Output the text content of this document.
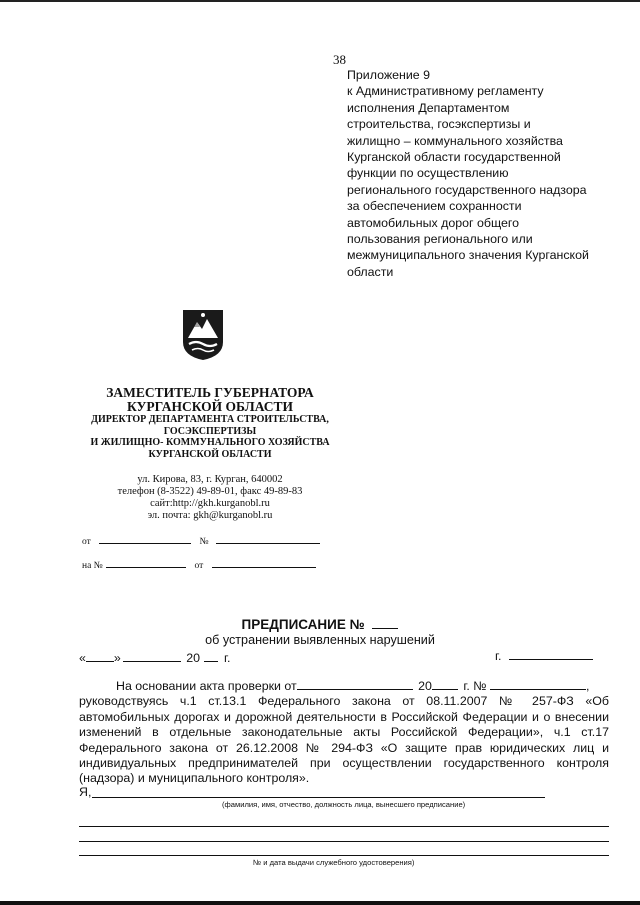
38
Приложение 9
к Административному регламенту
исполнения Департаментом
строительства, госэкспертизы и
жилищно – коммунального хозяйства
Курганской области государственной
функции по осуществлению
регионального государственного надзора
за обеспечением сохранности
автомобильных дорог общего
пользования регионального или
межмуниципального значения Курганской
области
ЗАМЕСТИТЕЛЬ ГУБЕРНАТОРА
КУРГАНСКОЙ ОБЛАСТИ
ДИРЕКТОР ДЕПАРТАМЕНТА СТРОИТЕЛЬСТВА,
ГОСЭКСПЕРТИЗЫ
И ЖИЛИЩНО- КОММУНАЛЬНОГО ХОЗЯЙСТВА
КУРГАНСКОЙ ОБЛАСТИ
ул. Кирова, 83, г. Курган, 640002
телефон (8-3522) 49-89-01, факс 49-89-83
сайт:http://gkh.kurganobl.ru
эл. почта: gkh@kurganobl.ru
от	№
на №	от
ПРЕДПИСАНИЕ №
об устранении выявленных нарушений
« »	20 г.	г.

На основании акта проверки от	20	г. №	,

руководствуясь ч.1 ст.13.1 Федерального закона от 08.11.2007 № 257-ФЗ «Об автомобильных дорогах и дорожной деятельности в Российской Федерации и о внесении изменений в отдельные законодательные акты Российской Федерации», ч.1 ст.17 Федерального закона от 26.12.2008 № 294-ФЗ «О защите прав юридических лиц и индивидуальных предпринимателей при осуществлении государственного контроля (надзора) и муниципального контроля».

Я,
(фамилия, имя, отчество, должность лица, вынесшего предписание)
№ и дата выдачи служебного удостоверения)
